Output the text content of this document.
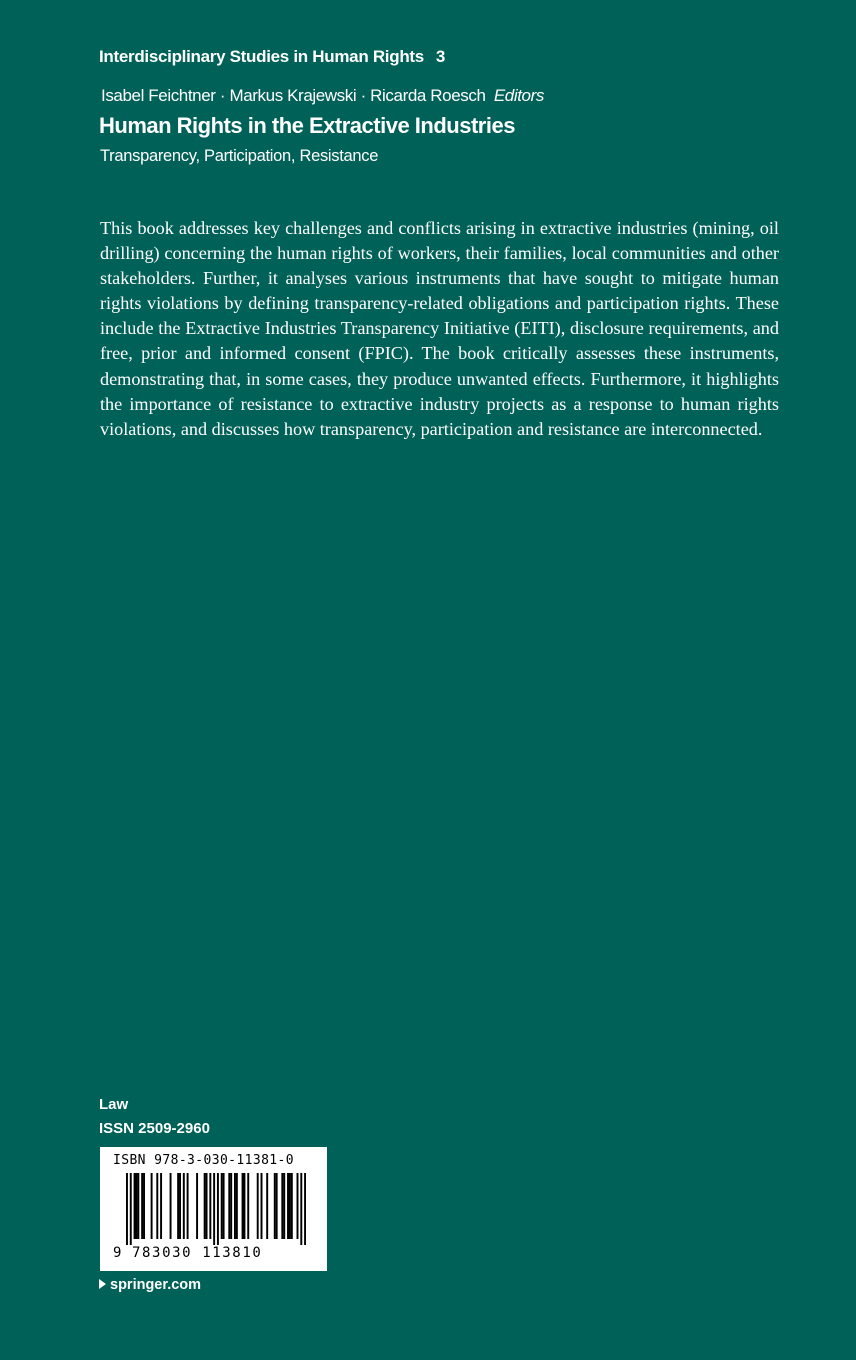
Interdisciplinary Studies in Human Rights 3
Isabel Feichtner · Markus Krajewski · Ricarda Roesch Editors
Human Rights in the Extractive Industries
Transparency, Participation, Resistance

This book addresses key challenges and conflicts arising in extractive industries (mining, oil drilling) concerning the human rights of workers, their families, local communities and other stakeholders. Further, it analyses various instruments that have sought to mitigate human rights violations by defining transparency-related obligations and participation rights. These include the Extractive Industries Transparency Initiative (EITI), disclosure requirements, and free, prior and informed consent (FPIC). The book critically assesses these instruments, demonstrating that, in some cases, they produce unwanted effects. Furthermore, it highlights the importance of resistance to extractive industry projects as a response to human rights violations, and discusses how transparency, participation and resistance are interconnected.

Law
ISSN 2509-2960
ISBN 978-3-030-11381-0
9 783030 113810
springer.com
